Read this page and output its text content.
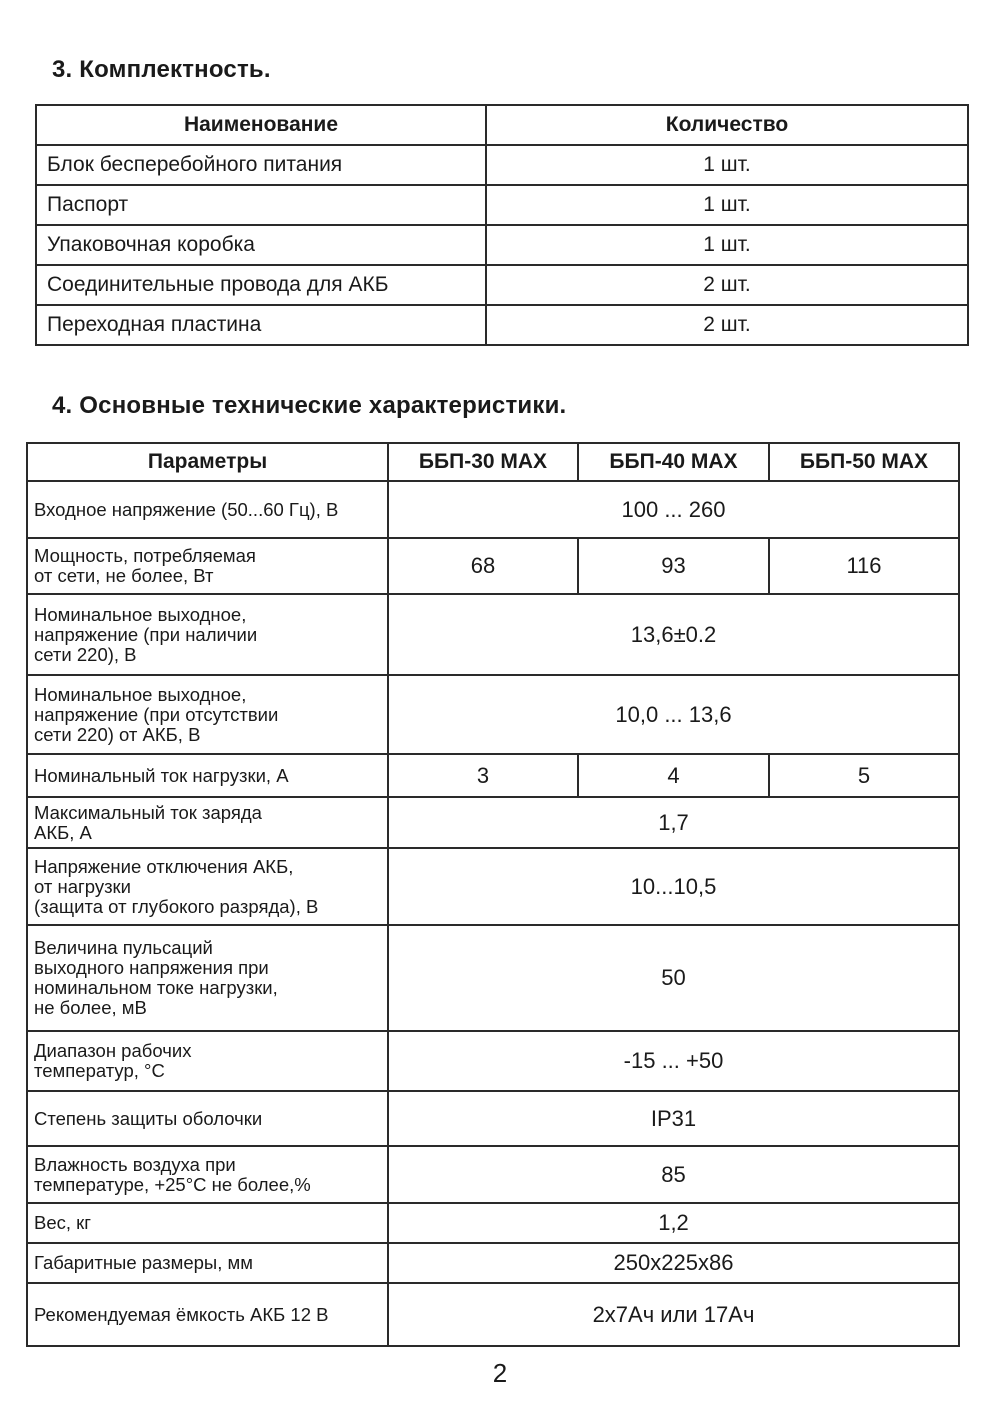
3. Комплектность.
Наименование	Количество
Блок бесперебойного питания	1 шт.
Паспорт	1 шт.
Упаковочная коробка	1 шт.
Соединительные провода для АКБ	2 шт.
Переходная пластина	2 шт.
4. Основные технические характеристики.
Параметры	ББП-30 MAX	ББП-40 MAX	ББП-50 MAX
Входное напряжение (50...60 Гц), В	100 ... 260		
Мощность, потребляемая
от сети, не более, Вт	68	93	116
Номинальное выходное,
напряжение (при наличии
сети 220), В	13,6±0.2		
Номинальное выходное,
напряжение (при отсутствии
сети 220) от АКБ, В	10,0 ... 13,6		
Номинальный ток нагрузки, А	3	4	5
Максимальный ток заряда
АКБ, А	1,7		
Напряжение отключения АКБ,
от нагрузки
(защита от глубокого разряда), В	10...10,5		
Величина пульсаций
выходного напряжения при
номинальном токе нагрузки,
не более, мВ	50		
Диапазон рабочих
температур, °С	-15 ... +50		
Степень защиты оболочки	IP31		
Влажность воздуха при
температуре, +25°С не более,%	85		
Вес, кг	1,2		
Габаритные размеры, мм	250х225х86		
Рекомендуемая ёмкость АКБ 12 В	2х7Ач или 17Ач		

2
